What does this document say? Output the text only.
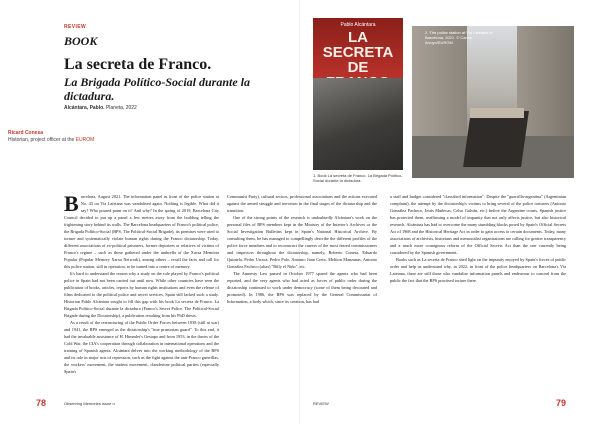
REVIEW
BOOK
La secreta de Franco.
La Brigada Político-Social durante la dictadura.
Alcántara, Pablo. Planeta, 2022
Ricard Conesa
Historian, project officer at the EUROM
Pablo Alcántara
LA SECRETA DE
1. Book La secreta de Franco. La Brigada Político-Social durante la dictadura.
2. The police station at Via Laietana in Barcelona, 2021. © Carlos Arroyo/EUROM

Barcelona, August 2021. The information panel in front of the police station at No. 43 on Via Laietana was vandalised again. Nothing is legible. What did it say? Who poured paint on it? And why? In the spring of 2019, Barcelona City Council decided to put up a panel a few metres away from the building telling the frightening story behind its walls. The Barcelona headquarters of Franco's political police, the Brigada Político-Social (BPS, The Political-Social Brigade), its premises were used to torture and systematically violate human rights during the Franco dictatorship. Today, different associations of ex-political prisoners, former deportees or relatives of victims of Franco's regime – such as those gathered under the umbrella of the Xarxa Memòria Popular (Popular Memory Xarxa Network), among others – recall the facts and call for this police station, still in operation, to be turned into a centre of memory.

It's hard to understand the reason why a study on the role played by Franco's political police in Spain had not been carried out until now. While other countries have seen the publication of books, articles, reports by human rights institutions and even the release of films dedicated to the political police and secret services, Spain still lacked such a study. Historian Pablo Alcántara sought to fill this gap with his book La secreta de Franco. La Brigada Político-Social durante la dictadura (Franco's Secret Police. The Political-Social Brigade during the Dictatorship), a publication resulting from his PhD thesis.

As a result of the restructuring of the Public Order Forces between 1938 (still at war) and 1941, the BPS emerged as the dictatorship's "true praetorian guard". To this end, it had the invaluable assistance of H. Himmler's Gestapo and from 1953, in the throes of the Cold War, the CIA's cooperation through collaboration in international operations and the training of Spanish agents. Alcántara delves into the working methodology of the BPS and its role in major acts of repression, such as the fight against the anti-Franco guerrillas, the workers' movement, the student movement, clandestine political parties (especially Spain's

Communist Party), cultural sectors, professional associations and the actions executed against the armed struggle and terrorism in the final stages of the dictatorship and the transition.

One of the strong points of the research is undoubtedly Alcántara's work on the personal files of BPS members kept in the Ministry of the Interior's Archives or the Social Investigation Bulletins kept in Spain's National Historical Archive. By consulting them, he has managed to compellingly describe the different profiles of the police force members and to reconstruct the careers of the most feared commissioners and inspectors throughout the dictatorship, namely, Roberto Conesa, Eduardo Quintela, Pedro Urraca, Pedro Polo, Antonio Juan Creix, Meliton Manzanas, Antonio González Pacheco (alias) "Billy el Niño", etc.

The Amnesty Law passed in October 1977 spared the agents who had been reported, and the very agents who had acted as forces of public order during the dictatorship continued to work under democracy (some of them being decorated and promoted). In 1986, the BPS was replaced by the General Commissariat of Information, a body which, since its creation, has had

a staff and budget considered "classified information". Despite the "guerrilla-argentina" (Argentinian complaint), the attempt by the dictatorship's victims to bring several of the police torturers (Antonio González Pacheco, Jesús Muñecas, Celso Galván, etc.) before the Argentine courts, Spanish justice has protected them, reaffirming a model of impunity that not only affects justice, but also historical research. Alcántara has had to overcome the many stumbling blocks posed by Spain's Official Secrets Act of 1968 and the Historical Heritage Act in order to gain access to certain documents. Today, many associations of archivists, historians and memorialist organisations are calling for greater transparency and a much more courageous reform of the Official Secrets Act than the one currently being considered by the Spanish government.

Books such as La secreta de Franco shed light on the impunity enjoyed by Spain's forces of public order and help us understand why, in 2022, in front of the police headquarters on Barcelona's Via Laietana, there are still those who vandalise information panels and endeavour to conceal from the public the fact that the BPS practised torture there.

78	Observing Memories issue n	REVIEW	79
